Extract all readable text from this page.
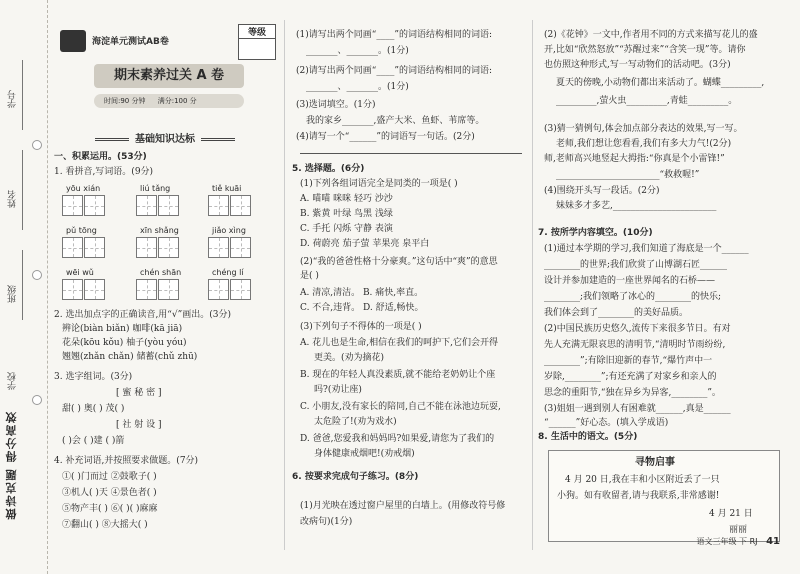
学号
姓名
班级
学校
做诗克题 得分高效
海淀单元测试AB卷
等级
期末素养过关 A 卷
时间:90 分钟 满分:100 分
基础知识达标
一、积累运用。(53分)
1. 看拼音,写词语。(9分)
yōu xián	liú tǎng	tiě kuāi
pǔ tōng	xīn shǎng	jiǎo xìng
wēi wǔ	chén shān	chéng lí
2. 选出加点字的正确读音,用“√”画出。(3分)
辨论(biàn biǎn) 咖啡(kā jiā)
花朵(kōu kǒu) 柚子(yòu yóu)
翘翘(zhǎn chǎn) 储蓄(chǔ zhū)
3. 选字组词。(3分)
[ 蜜 秘 密 ]
甜( ) 奥( ) 茂( )
[ 社 射 设 ]
( )会 ( )建 ( )箭
4. 补充词语,并按照要求做题。(7分)
①( )门而过 ②鼓歌子( )
③机人( )天 ④景色者( )
⑤物产丰( ) ⑥( )( )麻麻
⑦翻山( ) ⑧大摇大( )
(1)请写出两个同画“____”的词语结构相同的词语:
_______、_______。(1分)
(2)请写出两个同画“____”的词语结构相同的词语:
_______、_______。(1分)
(3)选词填空。(1分)
我的家乡_______,盛产大米、鱼虾、苇席等。
(4)请写一个“______”的词语写一句话。(2分)
5. 选择题。(6分)
(1)下列各组词语完全是同类的一项是( )
A. 喵喵 咪咪 轻巧 沙沙
B. 紫黄 叶绿 鸟黑 浅绿
C. 手托 闪烁 守静 表演
D. 荷蔚亮 茄子萤 苹果亮 泉平白
(2)“我的爸爸性格十分豪爽。”这句话中“爽”的意思
是( )
A. 清凉,清洁。 B. 痛快,率直。
C. 不合,违背。 D. 舒适,畅快。
(3)下列句子不得体的一项是( )
A. 花儿也是生命,相信在我们的呵护下,它们会开得
更美。(劝为摘花)
B. 现在的年轻人真没素质,就不能给老奶奶让个座
吗?(劝让座)
C. 小朋友,没有家长的陪同,自己不能在泳池边玩耍,
太危险了!(劝为戏水)
D. 爸爸,您爱我和妈妈吗?如果爱,请您为了我们的
身体健康戒烟吧!(劝戒烟)
6. 按要求完成句子练习。(8分)
(1)月光映在透过窗户屋里的白墙上。(用修改符号修
改病句)(1分)
(2)《花钟》一文中,作者用不同的方式来描写花儿的盛
开,比如“欣然怒放”“苏醒过来”“含笑一现”等。请你
也仿照这种形式,写一写动物们的活动吧。(3分)
夏天的傍晚,小动物们都出来活动了。蝴蝶_________,
_________,萤火虫_________,青蛙_________。
(3)猜一猜例句,体会加点部分表达的效果,写一写。
老师,我们想让您看看,我们有多大力气!(2分)
师,老师高兴地竖起大拇指:“你真是个小雷锋!”
_______________________“救救喔!”
(4)围绕开头写一段话。(2分)
妹妹多才多艺,_______________________
7. 按所学内容填空。(10分)
(1)通过本学期的学习,我们知道了海底是一个______
________的世界;我们欣赏了山博湖石匠______
设计并参加建造的一座世界闻名的石桥——
________;我们领略了冰心的________的快乐;
我们体会到了________的美好品质。
(2)中国民族历史悠久,流传下来很多节日。有对
先人充满无限哀思的清明节,“清明时节雨纷纷,
________”;有除旧迎新的春节,“爆竹声中一
岁除,________”;有还充满了对家乡和亲人的
思念的重阳节,“独在异乡为异客,________”。
(3)姐姐一遇到别人有困难就______,真是______
“______”好心态。(填入学成语)
8. 生活中的语文。(5分)
寻物启事
4 月 20 日,我在丰和小区附近丢了一只
小狗。如有收留者,请与我联系,非常感谢!
4 月 21 日
丽丽
语文三年级 下 RJ 41
